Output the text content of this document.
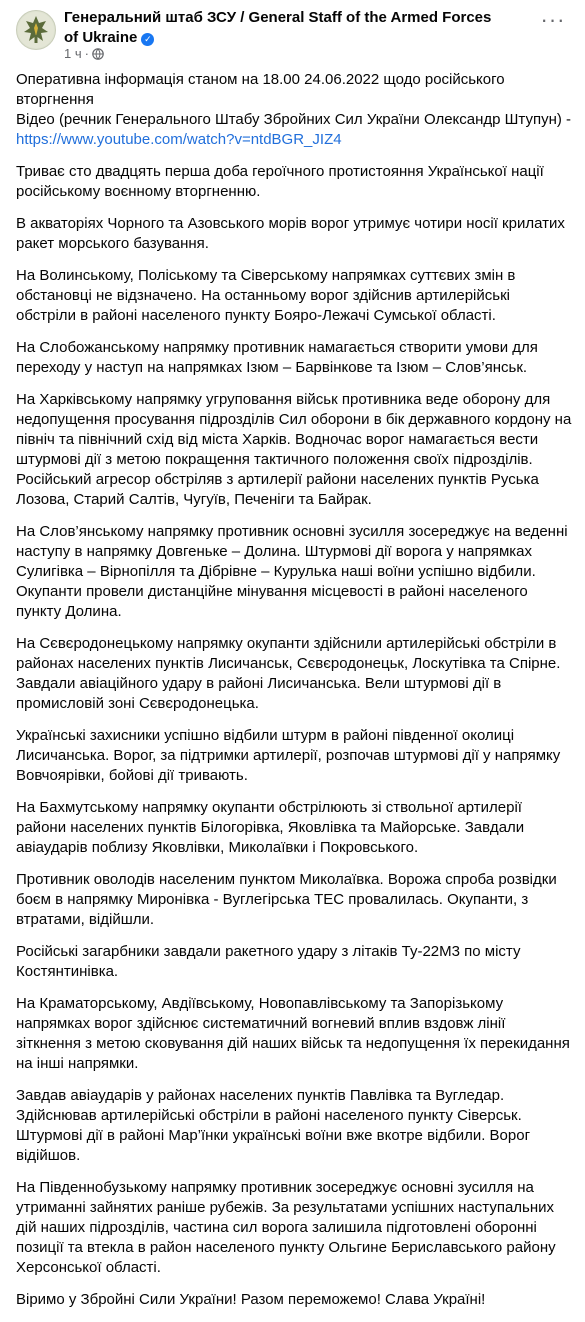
Генеральний штаб ЗСУ / General Staff of the Armed Forces of Ukraine ✓
1 ч ·
···

Оперативна інформація станом на 18.00 24.06.2022 щодо російського вторгнення
Відео (речник Генерального Штабу Збройних Сил України Олександр Штупун) -
https://www.youtube.com/watch?v=ntdBGR_JIZ4

Триває сто двадцять перша доба героїчного протистояння Української нації російському воєнному вторгненню.

В акваторіях Чорного та Азовського морів ворог утримує чотири носії крилатих ракет морського базування.

На Волинському, Поліському та Сіверському напрямках суттєвих змін в обстановці не відзначено. На останньому ворог здійснив артилерійські обстріли в районі населеного пункту Бояро-Лежачі Сумської області.

На Слобожанському напрямку противник намагається створити умови для переходу у наступ на напрямках Ізюм – Барвінкове та Ізюм – Слов’янськ.

На Харківському напрямку угруповання військ противника веде оборону для недопущення просування підрозділів Сил оборони в бік державного кордону на північ та північний схід від міста Харків. Водночас ворог намагається вести штурмові дії з метою покращення тактичного положення своїх підрозділів. Російський агресор обстріляв з артилерії райони населених пунктів Руська Лозова, Старий Салтів, Чугуїв, Печеніги та Байрак.

На Слов’янському напрямку противник основні зусилля зосереджує на веденні наступу в напрямку Довгеньке – Долина. Штурмові дії ворога у напрямках Сулигівка – Вірнопілля та Дібрівне – Курулька наші воїни успішно відбили. Окупанти провели дистанційне мінування місцевості в районі населеного пункту Долина.

На Сєвєродонецькому напрямку окупанти здійснили артилерійські обстріли в районах населених пунктів Лисичанськ, Сєвєродонецьк, Лоскутівка та Спірне. Завдали авіаційного удару в районі Лисичанська. Вели штурмові дії в промисловій зоні Сєвєродонецька.

Українські захисники успішно відбили штурм в районі південної околиці Лисичанська. Ворог, за підтримки артилерії, розпочав штурмові дії у напрямку Вовчоярівки, бойові дії тривають.

На Бахмутському напрямку окупанти обстрілюють зі ствольної артилерії райони населених пунктів Білогорівка, Яковлівка та Майорське. Завдали авіаударів поблизу Яковлівки, Миколаївки і Покровського.

Противник оволодів населеним пунктом Миколаївка. Ворожа спроба розвідки боєм в напрямку Миронівка - Вуглегірська ТЕС провалилась. Окупанти, з втратами, відійшли.

Російські загарбники завдали ракетного удару з літаків Ту-22М3 по місту Костянтинівка.

На Краматорському, Авдіївському, Новопавлівському та Запорізькому напрямках ворог здійснює систематичний вогневий вплив вздовж лінії зіткнення з метою сковування дій наших військ та недопущення їх перекидання на інші напрямки.

Завдав авіаударів у районах населених пунктів Павлівка та Вугледар. Здійснював артилерійські обстріли в районі населеного пункту Сіверськ. Штурмові дії в районі Мар’їнки українські воїни вже вкотре відбили. Ворог відійшов.

На Південнобузькому напрямку противник зосереджує основні зусилля на утриманні зайнятих раніше рубежів. За результатами успішних наступальних дій наших підрозділів, частина сил ворога залишила підготовлені оборонні позиції та втекла в район населеного пункту Ольгине Бериславського району Херсонської області.

Віримо у Збройні Сили України! Разом переможемо! Слава Україні!
